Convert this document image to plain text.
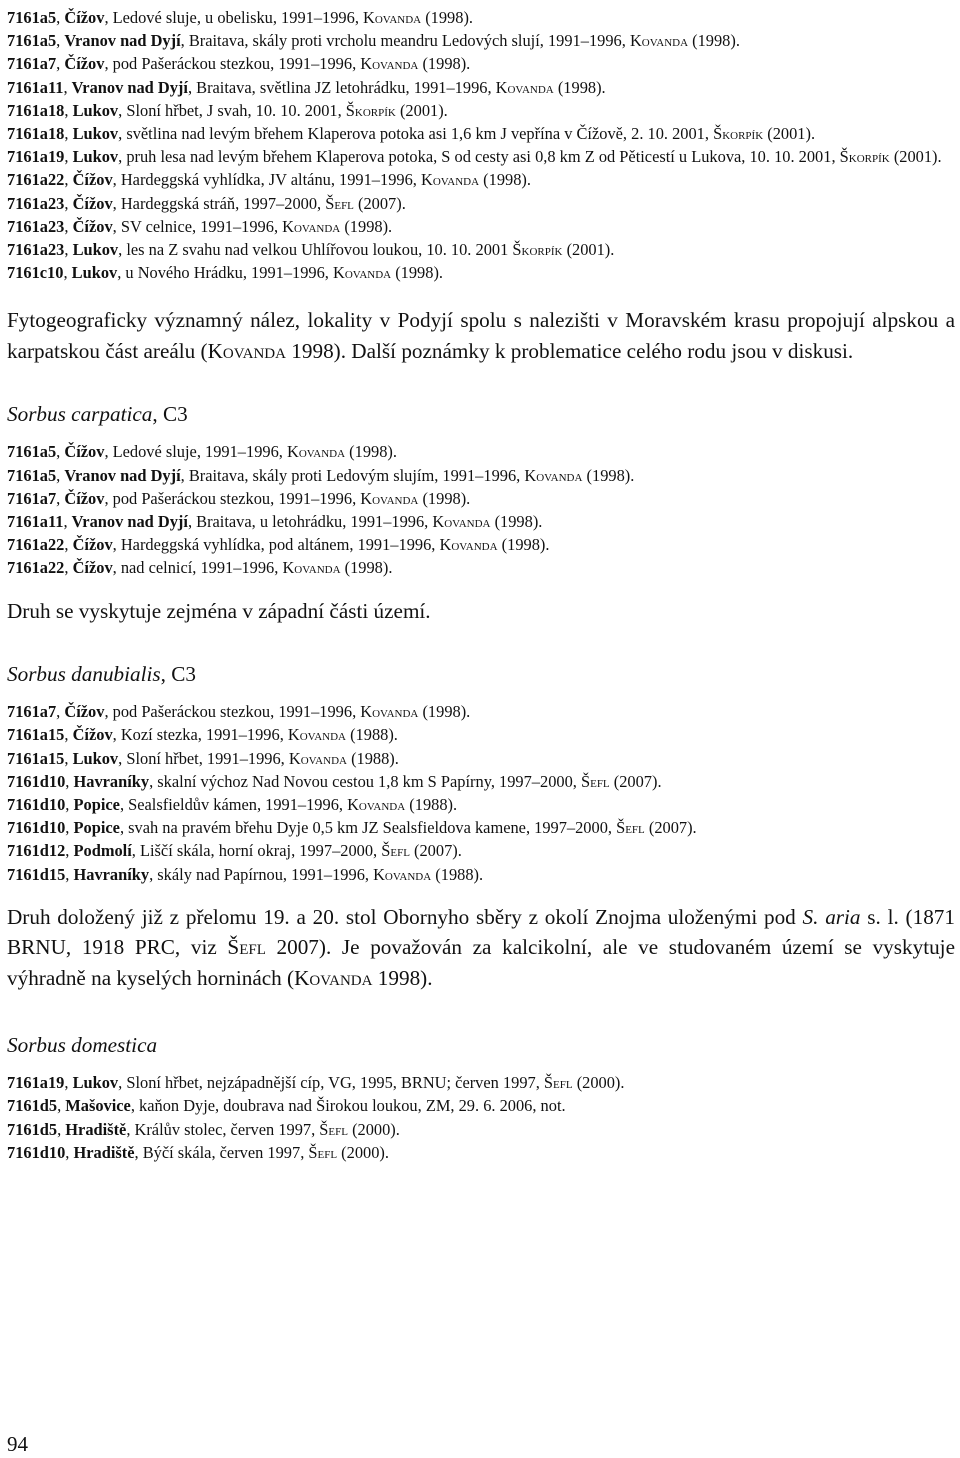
7161a5, Čížov, Ledové sluje, u obelisku, 1991–1996, Kovanda (1998).
7161a5, Vranov nad Dyjí, Braitava, skály proti vrcholu meandru Ledových slují, 1991–1996, Kovanda (1998).
7161a7, Čížov, pod Pašeráckou stezkou, 1991–1996, Kovanda (1998).
7161a11, Vranov nad Dyjí, Braitava, světlina JZ letohrádku, 1991–1996, Kovanda (1998).
7161a18, Lukov, Sloní hřbet, J svah, 10. 10. 2001, Škorpík (2001).
7161a18, Lukov, světlina nad levým břehem Klaperova potoka asi 1,6 km J vepřína v Čížově, 2. 10. 2001, Škorpík (2001).
7161a19, Lukov, pruh lesa nad levým břehem Klaperova potoka, S od cesty asi 0,8 km Z od Pěticestí u Lukova, 10. 10. 2001, Škorpík (2001).
7161a22, Čížov, Hardeggská vyhlídka, JV altánu, 1991–1996, Kovanda (1998).
7161a23, Čížov, Hardeggská stráň, 1997–2000, Šefl (2007).
7161a23, Čížov, SV celnice, 1991–1996, Kovanda (1998).
7161a23, Lukov, les na Z svahu nad velkou Uhlířovou loukou, 10. 10. 2001 Škorpík (2001).
7161c10, Lukov, u Nového Hrádku, 1991–1996, Kovanda (1998).
Fytogeograficky významný nález, lokality v Podyjí spolu s nalezišti v Moravském krasu propojují alpskou a karpatskou část areálu (Kovanda 1998). Další poznámky k problematice celého rodu jsou v diskusi.
Sorbus carpatica, C3
7161a5, Čížov, Ledové sluje, 1991–1996, Kovanda (1998).
7161a5, Vranov nad Dyjí, Braitava, skály proti Ledovým slujím, 1991–1996, Kovanda (1998).
7161a7, Čížov, pod Pašeráckou stezkou, 1991–1996, Kovanda (1998).
7161a11, Vranov nad Dyjí, Braitava, u letohrádku, 1991–1996, Kovanda (1998).
7161a22, Čížov, Hardeggská vyhlídka, pod altánem, 1991–1996, Kovanda (1998).
7161a22, Čížov, nad celnicí, 1991–1996, Kovanda (1998).
Druh se vyskytuje zejména v západní části území.
Sorbus danubialis, C3
7161a7, Čížov, pod Pašeráckou stezkou, 1991–1996, Kovanda (1998).
7161a15, Čížov, Kozí stezka, 1991–1996, Kovanda (1988).
7161a15, Lukov, Sloní hřbet, 1991–1996, Kovanda (1988).
7161d10, Havraníky, skalní výchoz Nad Novou cestou 1,8 km S Papírny, 1997–2000, Šefl (2007).
7161d10, Popice, Sealsfieldův kámen, 1991–1996, Kovanda (1988).
7161d10, Popice, svah na pravém břehu Dyje 0,5 km JZ Sealsfieldova kamene, 1997–2000, Šefl (2007).
7161d12, Podmolí, Liščí skála, horní okraj, 1997–2000, Šefl (2007).
7161d15, Havraníky, skály nad Papírnou, 1991–1996, Kovanda (1988).
Druh doložený již z přelomu 19. a 20. stol Obornyho sběry z okolí Znojma uloženými pod S. aria s. l. (1871 BRNU, 1918 PRC, viz Šefl 2007). Je považován za kalcikolní, ale ve studovaném území se vyskytuje výhradně na kyselých horninách (Kovanda 1998).
Sorbus domestica
7161a19, Lukov, Sloní hřbet, nejzápadnější cíp, VG, 1995, BRNU; červen 1997, Šefl (2000).
7161d5, Mašovice, kaňon Dyje, doubrava nad Širokou loukou, ZM, 29. 6. 2006, not.
7161d5, Hradiště, Králův stolec, červen 1997, Šefl (2000).
7161d10, Hradiště, Býčí skála, červen 1997, Šefl (2000).
94
